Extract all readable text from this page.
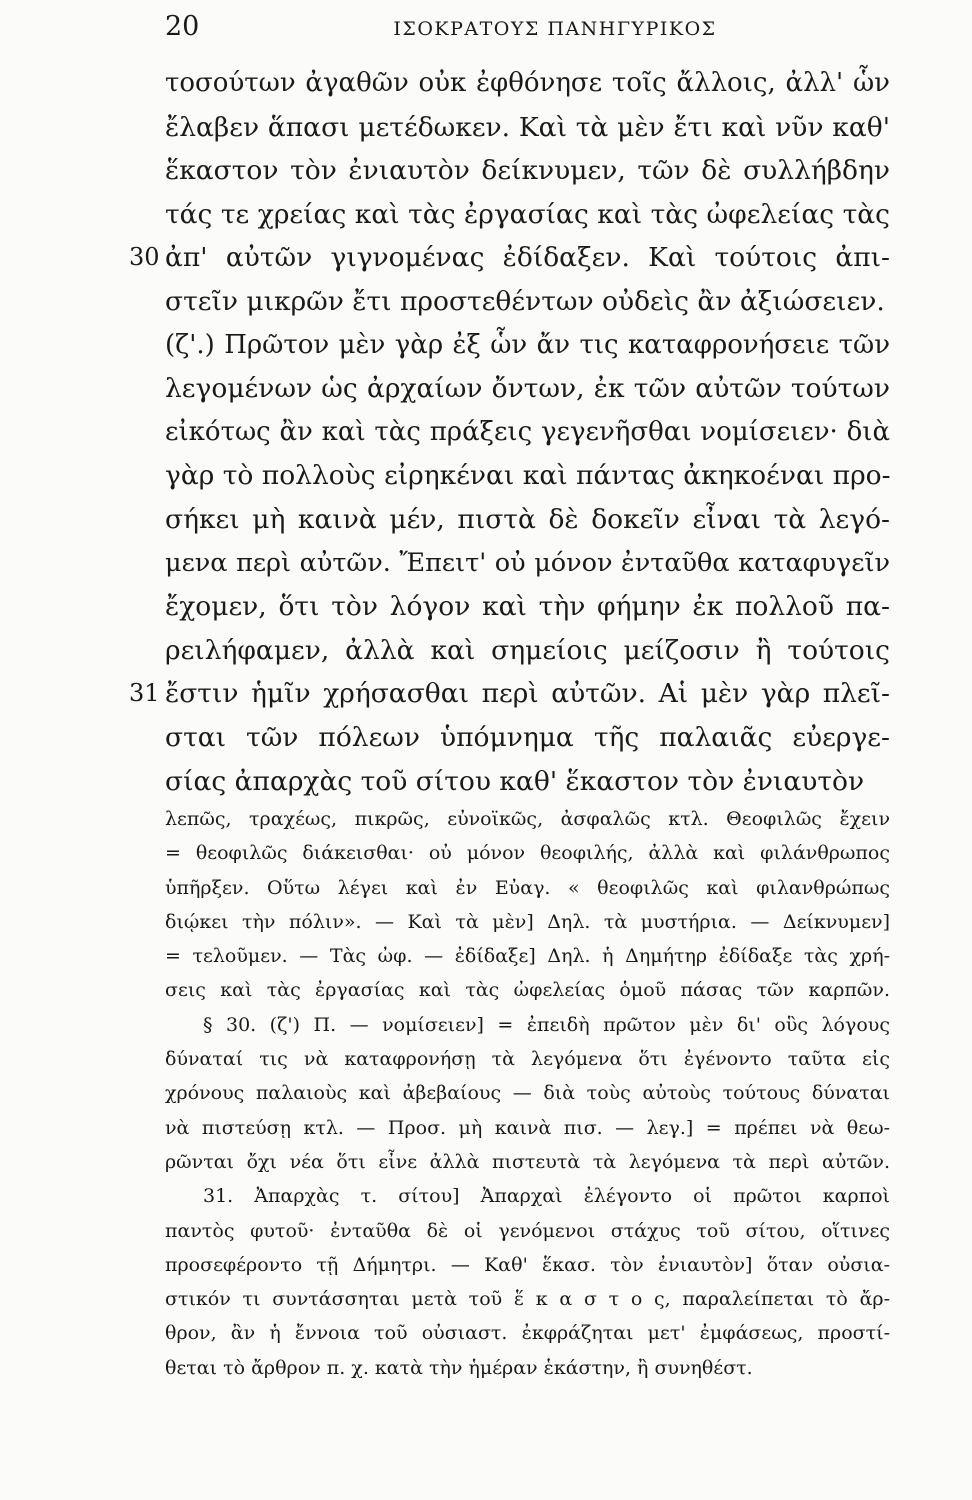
20	ΙΣΟΚΡΑΤΟΥΣ ΠΑΝΗΓΥΡΙΚΟΣ
τοσούτων ἀγαθῶν οὐκ ἐφθόνησε τοῖς ἄλλοις, ἀλλ' ὧν
ἔλαβεν ἅπασι μετέδωκεν. Καὶ τὰ μὲν ἔτι καὶ νῦν καθ'
ἕκαστον τὸν ἐνιαυτὸν δείκνυμεν, τῶν δὲ συλλήβδην
τάς τε χρείας καὶ τὰς ἐργασίας καὶ τὰς ὠφελείας τὰς
30 ἀπ' αὐτῶν γιγνομένας ἐδίδαξεν. Καὶ τούτοις ἀπι-
στεῖν μικρῶν ἔτι προστεθέντων οὐδεὶς ἂν ἀξιώσειεν.
(ζ'.) Πρῶτον μὲν γὰρ ἐξ ὧν ἄν τις καταφρονήσειε τῶν
λεγομένων ὡς ἀρχαίων ὄντων, ἐκ τῶν αὐτῶν τούτων
εἰκότως ἂν καὶ τὰς πράξεις γεγενῆσθαι νομίσειεν· διὰ
γὰρ τὸ πολλοὺς εἰρηκέναι καὶ πάντας ἀκηκοέναι προ-
σήκει μὴ καινὰ μέν, πιστὰ δὲ δοκεῖν εἶναι τὰ λεγό-
μενα περὶ αὐτῶν. Ἔπειτ' οὐ μόνον ἐνταῦθα καταφυγεῖν
ἔχομεν, ὅτι τὸν λόγον καὶ τὴν φήμην ἐκ πολλοῦ πα-
ρειλήφαμεν, ἀλλὰ καὶ σημείοις μείζοσιν ἢ τούτοις
31 ἔστιν ἡμῖν χρήσασθαι περὶ αὐτῶν. Αἱ μὲν γὰρ πλεῖ-
σται τῶν πόλεων ὑπόμνημα τῆς παλαιᾶς εὐεργε-
σίας ἀπαρχὰς τοῦ σίτου καθ' ἕκαστον τὸν ἐνιαυτὸν
λεπῶς, τραχέως, πικρῶς, εὐνοϊκῶς, ἀσφαλῶς κτλ. Θεοφιλῶς ἔχειν
= θεοφιλῶς διάκεισθαι· οὐ μόνον θεοφιλής, ἀλλὰ καὶ φιλάνθρωπος
ὑπῆρξεν. Οὕτω λέγει καὶ ἐν Εὐαγ. « θεοφιλῶς καὶ φιλανθρώπως
διῴκει τὴν πόλιν». — Καὶ τὰ μὲν] Δηλ. τὰ μυστήρια. — Δείκνυμεν]
= τελοῦμεν. — Τὰς ὠφ. — ἐδίδαξε] Δηλ. ἡ Δημήτηρ ἐδίδαξε τὰς χρή-
σεις καὶ τὰς ἐργασίας καὶ τὰς ὠφελείας ὁμοῦ πάσας τῶν καρπῶν.
§ 30. (ζ') Π. — νομίσειεν] = ἐπειδὴ πρῶτον μὲν δι' οὓς λόγους
δύναταί τις νὰ καταφρονήσῃ τὰ λεγόμενα ὅτι ἐγένοντο ταῦτα εἰς
χρόνους παλαιοὺς καὶ ἀβεβαίους — διὰ τοὺς αὐτοὺς τούτους δύναται
νὰ πιστεύσῃ κτλ. — Προσ. μὴ καινὰ πισ. — λεγ.] = πρέπει νὰ θεω-
ρῶνται ὄχι νέα ὅτι εἶνε ἀλλὰ πιστευτὰ τὰ λεγόμενα τὰ περὶ αὐτῶν.
31. Ἀπαρχὰς τ. σίτου] Ἀπαρχαὶ ἐλέγοντο οἱ πρῶτοι καρποὶ
παντὸς φυτοῦ· ἐνταῦθα δὲ οἱ γενόμενοι στάχυς τοῦ σίτου, οἵτινες
προσεφέροντο τῇ Δήμητρι. — Καθ' ἕκασ. τὸν ἐνιαυτὸν] ὅταν οὐσια-
στικόν τι συντάσσηται μετὰ τοῦ ἕ κ α σ τ ο ς, παραλείπεται τὸ ἄρ-
θρον, ἂν ἡ ἔννοια τοῦ οὐσιαστ. ἐκφράζηται μετ' ἐμφάσεως, προστί-
θεται τὸ ἄρθρον π. χ. κατὰ τὴν ἡμέραν ἑκάστην, ἢ συνηθέστ.
